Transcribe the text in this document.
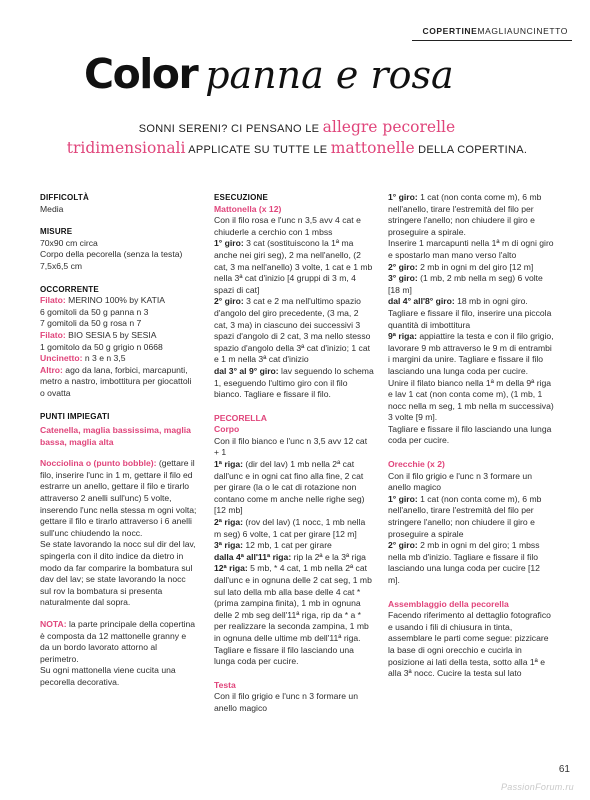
COPERTINEMAGLIAUNCINETTO
Color panna e rosa
SONNI SERENI? CI PENSANO LE allegre pecorelle
tridimensionali APPLICATE SU TUTTE LE mattonelle DELLA COPERTINA.
DIFFICOLTÀ

Media

MISURE

70x90 cm circa

Corpo della pecorella (senza la testa) 7,5x6,5 cm

OCCORRENTE

Filato: MERINO 100% by KATIA

6 gomitoli da 50 g panna n 3

7 gomitoli da 50 g rosa n 7

Filato: BIO SESIA 5 by SESIA

1 gomitolo da 50 g grigio n 0668

Uncinetto: n 3 e n 3,5

Altro: ago da lana, forbici, marcapunti, metro a nastro, imbottitura per giocattoli o ovatta

PUNTI IMPIEGATI

Catenella, maglia bassissima, maglia bassa, maglia alta

Nocciolina o (punto bobble): (gettare il filo, inserire l'unc in 1 m, gettare il filo ed estrarre un anello, gettare il filo e tirarlo attraverso 2 anelli sull'unc) 5 volte, inserendo l'unc nella stessa m ogni volta; gettare il filo e tirarlo attraverso i 6 anelli sull'unc chiudendo la nocc.

Se state lavorando la nocc sul dir del lav, spingerla con il dito indice da dietro in modo da far comparire la bombatura sul dav del lav; se state lavorando la nocc sul rov la bombatura si presenta naturalmente dal sopra.

NOTA: la parte principale della copertina è composta da 12 mattonelle granny e da un bordo lavorato attorno al perimetro.

Su ogni mattonella viene cucita una pecorella decorativa.

ESECUZIONE
Mattonella (x 12)

Con il filo rosa e l'unc n 3,5 avv 4 cat e chiuderle a cerchio con 1 mbss

1° giro: 3 cat (sostituiscono la 1ª ma anche nei giri seg), 2 ma nell'anello, (2 cat, 3 ma nell'anello) 3 volte, 1 cat e 1 mb nella 3ª cat d'inizio [4 gruppi di 3 m, 4 spazi di cat]

2° giro: 3 cat e 2 ma nell'ultimo spazio d'angolo del giro precedente, (3 ma, 2 cat, 3 ma) in ciascuno dei successivi 3 spazi d'angolo di 2 cat, 3 ma nello stesso spazio d'angolo della 3ª cat d'inizio; 1 cat e 1 m nella 3ª cat d'inizio

dal 3° al 9° giro: lav seguendo lo schema 1, eseguendo l'ultimo giro con il filo bianco. Tagliare e fissare il filo.

PECORELLA
Corpo

Con il filo bianco e l'unc n 3,5 avv 12 cat + 1

1ª riga: (dir del lav) 1 mb nella 2ª cat dall'unc e in ogni cat fino alla fine, 2 cat per girare (la o le cat di rotazione non contano come m anche nelle righe seg) [12 mb]

2ª riga: (rov del lav) (1 nocc, 1 mb nella m seg) 6 volte, 1 cat per girare [12 m]

3ª riga: 12 mb, 1 cat per girare

dalla 4ª all'11ª riga: rip la 2ª e la 3ª riga

12ª riga: 5 mb, * 4 cat, 1 mb nella 2ª cat dall'unc e in ognuna delle 2 cat seg, 1 mb sul lato della mb alla base delle 4 cat * (prima zampina finita), 1 mb in ognuna delle 2 mb seg dell'11ª riga, rip da * a * per realizzare la seconda zampina, 1 mb in ognuna delle ultime mb dell'11ª riga. Tagliare e fissare il filo lasciando una lunga coda per cucire.

Testa

Con il filo grigio e l'unc n 3 formare un anello magico

1° giro: 1 cat (non conta come m), 6 mb nell'anello, tirare l'estremità del filo per stringere l'anello; non chiudere il giro e proseguire a spirale.

Inserire 1 marcapunti nella 1ª m di ogni giro e spostarlo man mano verso l'alto

2° giro: 2 mb in ogni m del giro [12 m]

3° giro: (1 mb, 2 mb nella m seg) 6 volte [18 m]

dal 4° all'8° giro: 18 mb in ogni giro. Tagliare e fissare il filo, inserire una piccola quantità di imbottitura

9ª riga: appiattire la testa e con il filo grigio, lavorare 9 mb attraverso le 9 m di entrambi i margini da unire. Tagliare e fissare il filo lasciando una lunga coda per cucire.

Unire il filato bianco nella 1ª m della 9ª riga e lav 1 cat (non conta come m), (1 mb, 1 nocc nella m seg, 1 mb nella m successiva) 3 volte [9 m].

Tagliare e fissare il filo lasciando una lunga coda per cucire.

Orecchie (x 2)

Con il filo grigio e l'unc n 3 formare un anello magico

1° giro: 1 cat (non conta come m), 6 mb nell'anello, tirare l'estremità del filo per stringere l'anello; non chiudere il giro e proseguire a spirale

2° giro: 2 mb in ogni m del giro; 1 mbss nella mb d'inizio. Tagliare e fissare il filo lasciando una lunga coda per cucire [12 m].

Assemblaggio della pecorella

Facendo riferimento al dettaglio fotografico e usando i fili di chiusura in tinta, assemblare le parti come segue: pizzicare la base di ogni orecchio e cucirla in posizione ai lati della testa, sotto alla 1ª e alla 3ª nocc. Cucire la testa sul lato

61
PassionForum.ru
